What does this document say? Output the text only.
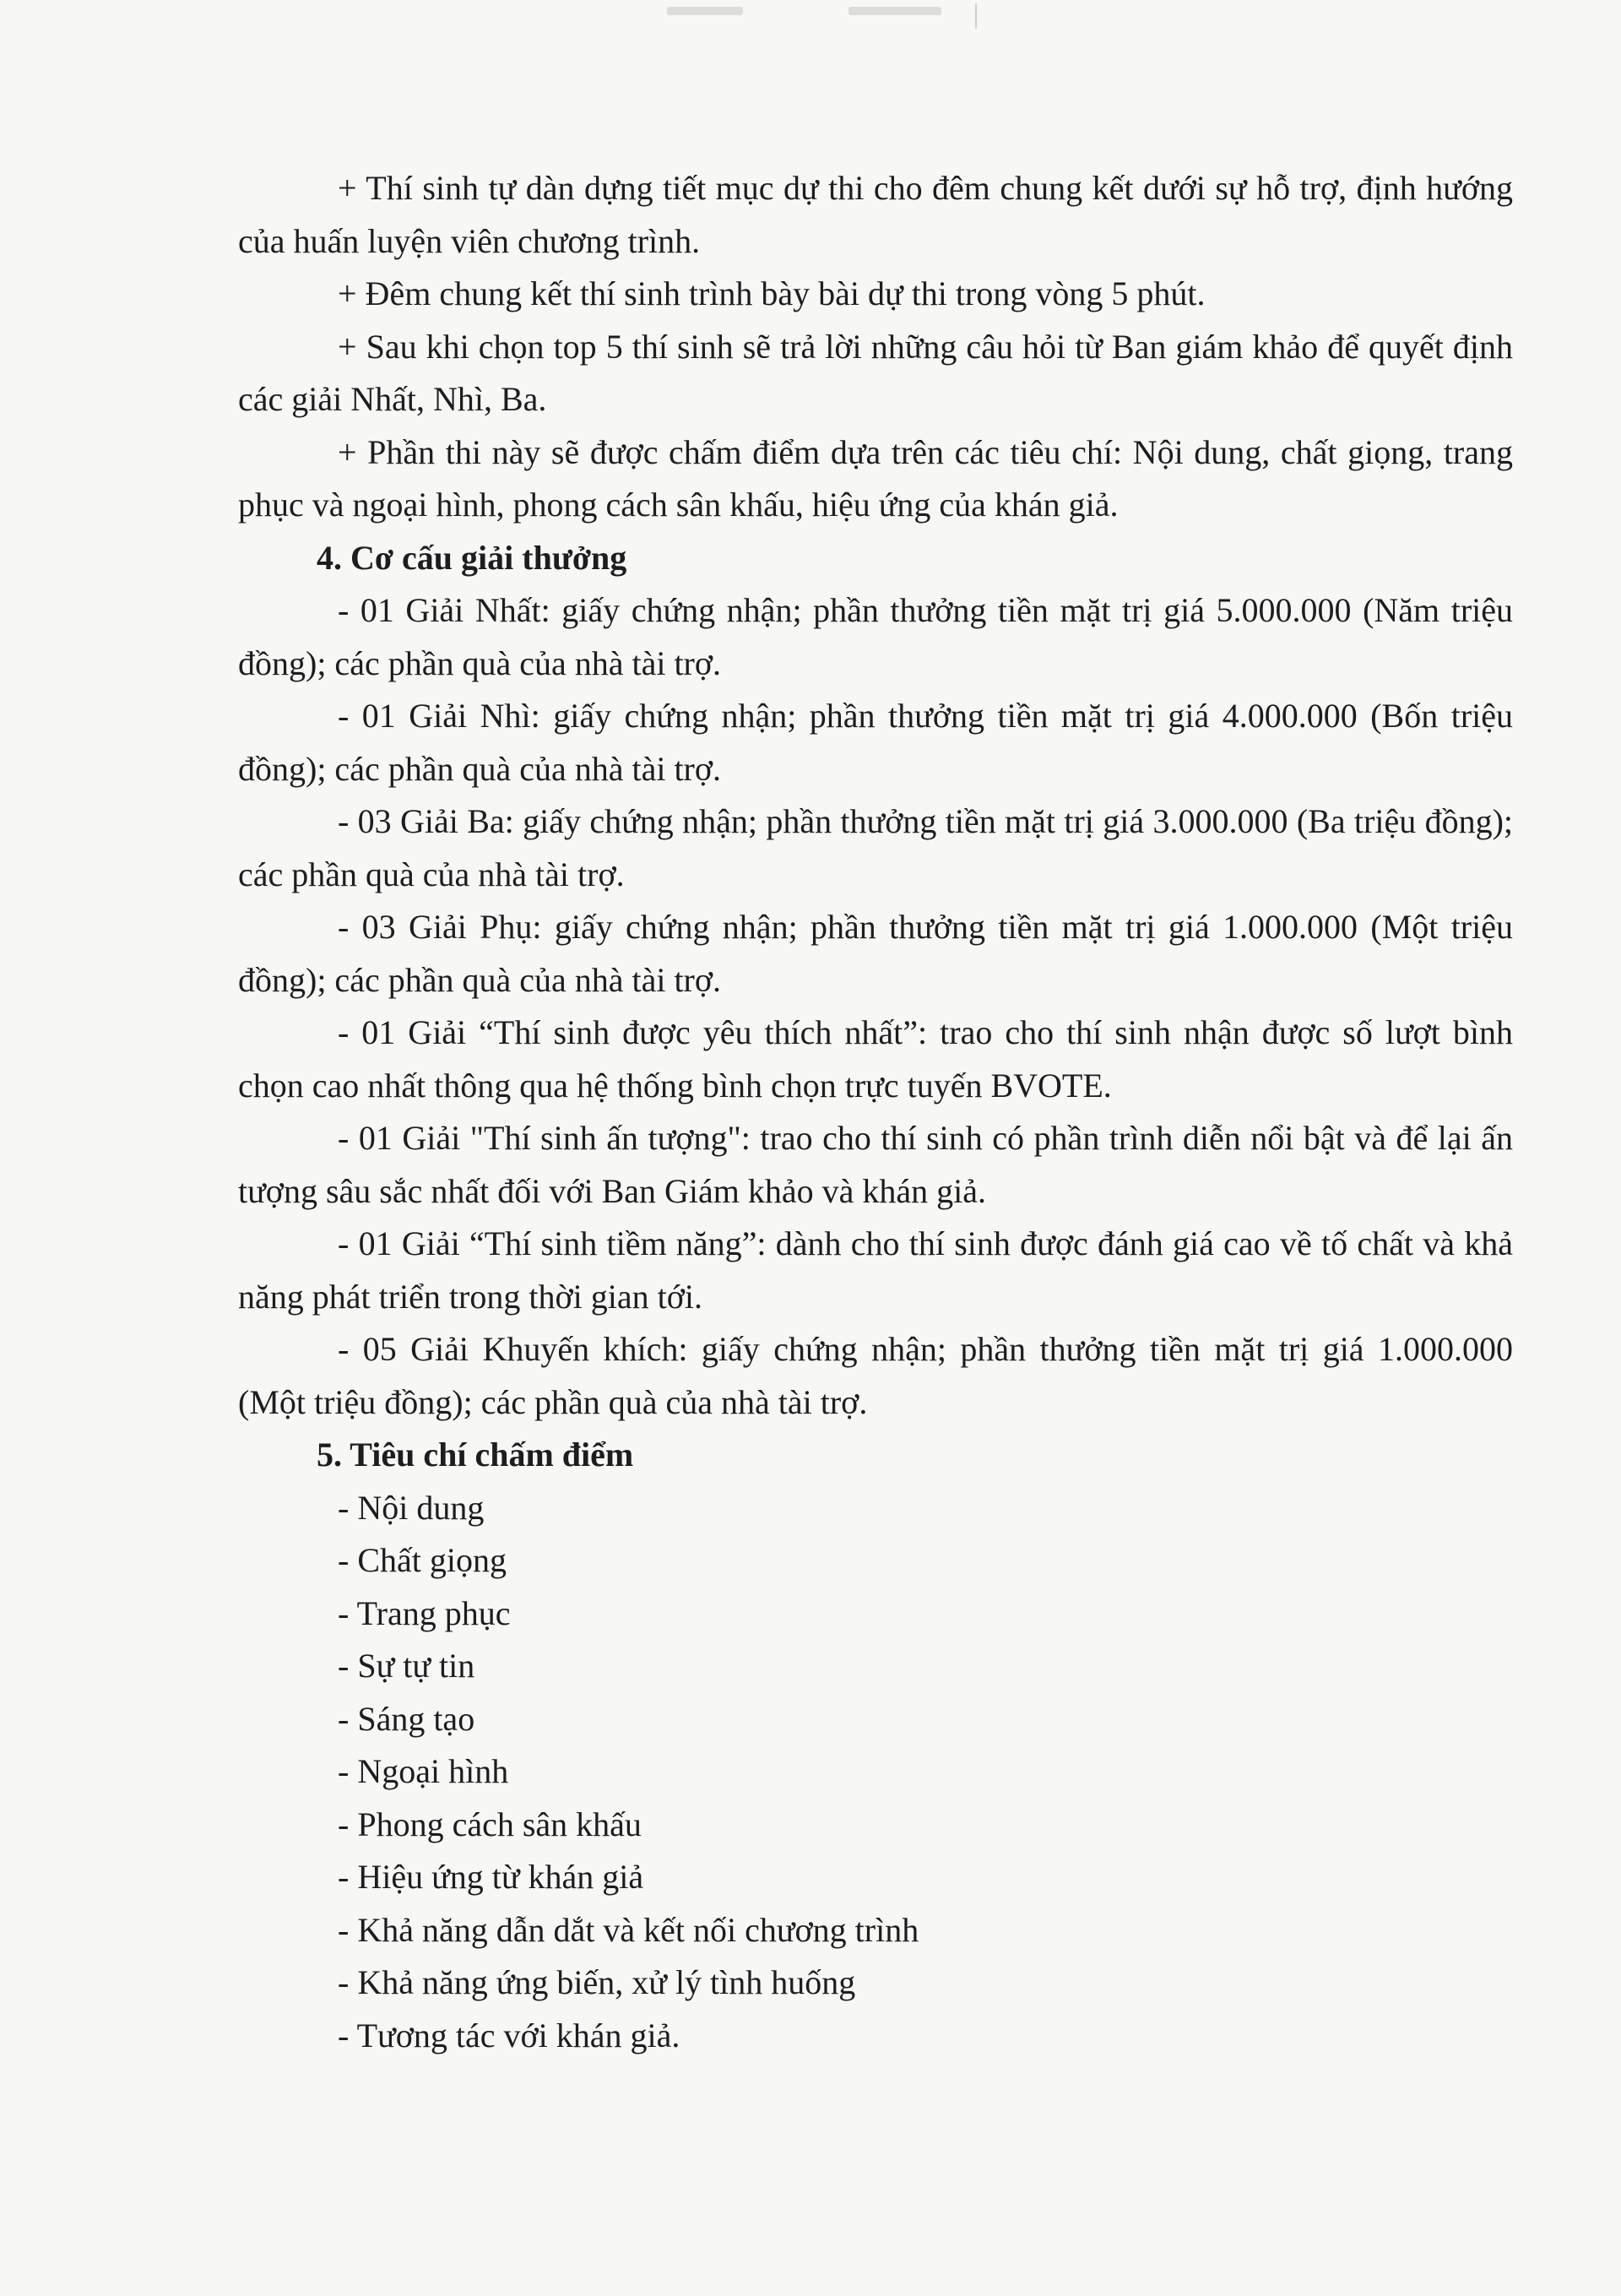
+ Thí sinh tự dàn dựng tiết mục dự thi cho đêm chung kết dưới sự hỗ trợ, định hướng của huấn luyện viên chương trình.

+ Đêm chung kết thí sinh trình bày bài dự thi trong vòng 5 phút.

+ Sau khi chọn top 5 thí sinh sẽ trả lời những câu hỏi từ Ban giám khảo để quyết định các giải Nhất, Nhì, Ba.

+ Phần thi này sẽ được chấm điểm dựa trên các tiêu chí: Nội dung, chất giọng, trang phục và ngoại hình, phong cách sân khấu, hiệu ứng của khán giả.

4. Cơ cấu giải thưởng

- 01 Giải Nhất: giấy chứng nhận; phần thưởng tiền mặt trị giá 5.000.000 (Năm triệu đồng); các phần quà của nhà tài trợ.

- 01 Giải Nhì: giấy chứng nhận; phần thưởng tiền mặt trị giá 4.000.000 (Bốn triệu đồng); các phần quà của nhà tài trợ.

- 03 Giải Ba: giấy chứng nhận; phần thưởng tiền mặt trị giá 3.000.000 (Ba triệu đồng); các phần quà của nhà tài trợ.

- 03 Giải Phụ: giấy chứng nhận; phần thưởng tiền mặt trị giá 1.000.000 (Một triệu đồng); các phần quà của nhà tài trợ.

- 01 Giải “Thí sinh được yêu thích nhất”: trao cho thí sinh nhận được số lượt bình chọn cao nhất thông qua hệ thống bình chọn trực tuyến BVOTE.

- 01 Giải "Thí sinh ấn tượng": trao cho thí sinh có phần trình diễn nổi bật và để lại ấn tượng sâu sắc nhất đối với Ban Giám khảo và khán giả.

- 01 Giải “Thí sinh tiềm năng”: dành cho thí sinh được đánh giá cao về tố chất và khả năng phát triển trong thời gian tới.

- 05 Giải Khuyến khích: giấy chứng nhận; phần thưởng tiền mặt trị giá 1.000.000 (Một triệu đồng); các phần quà của nhà tài trợ.

5. Tiêu chí chấm điểm

- Nội dung

- Chất giọng

- Trang phục

- Sự tự tin

- Sáng tạo

- Ngoại hình

- Phong cách sân khấu

- Hiệu ứng từ khán giả

- Khả năng dẫn dắt và kết nối chương trình

- Khả năng ứng biến, xử lý tình huống

- Tương tác với khán giả.
